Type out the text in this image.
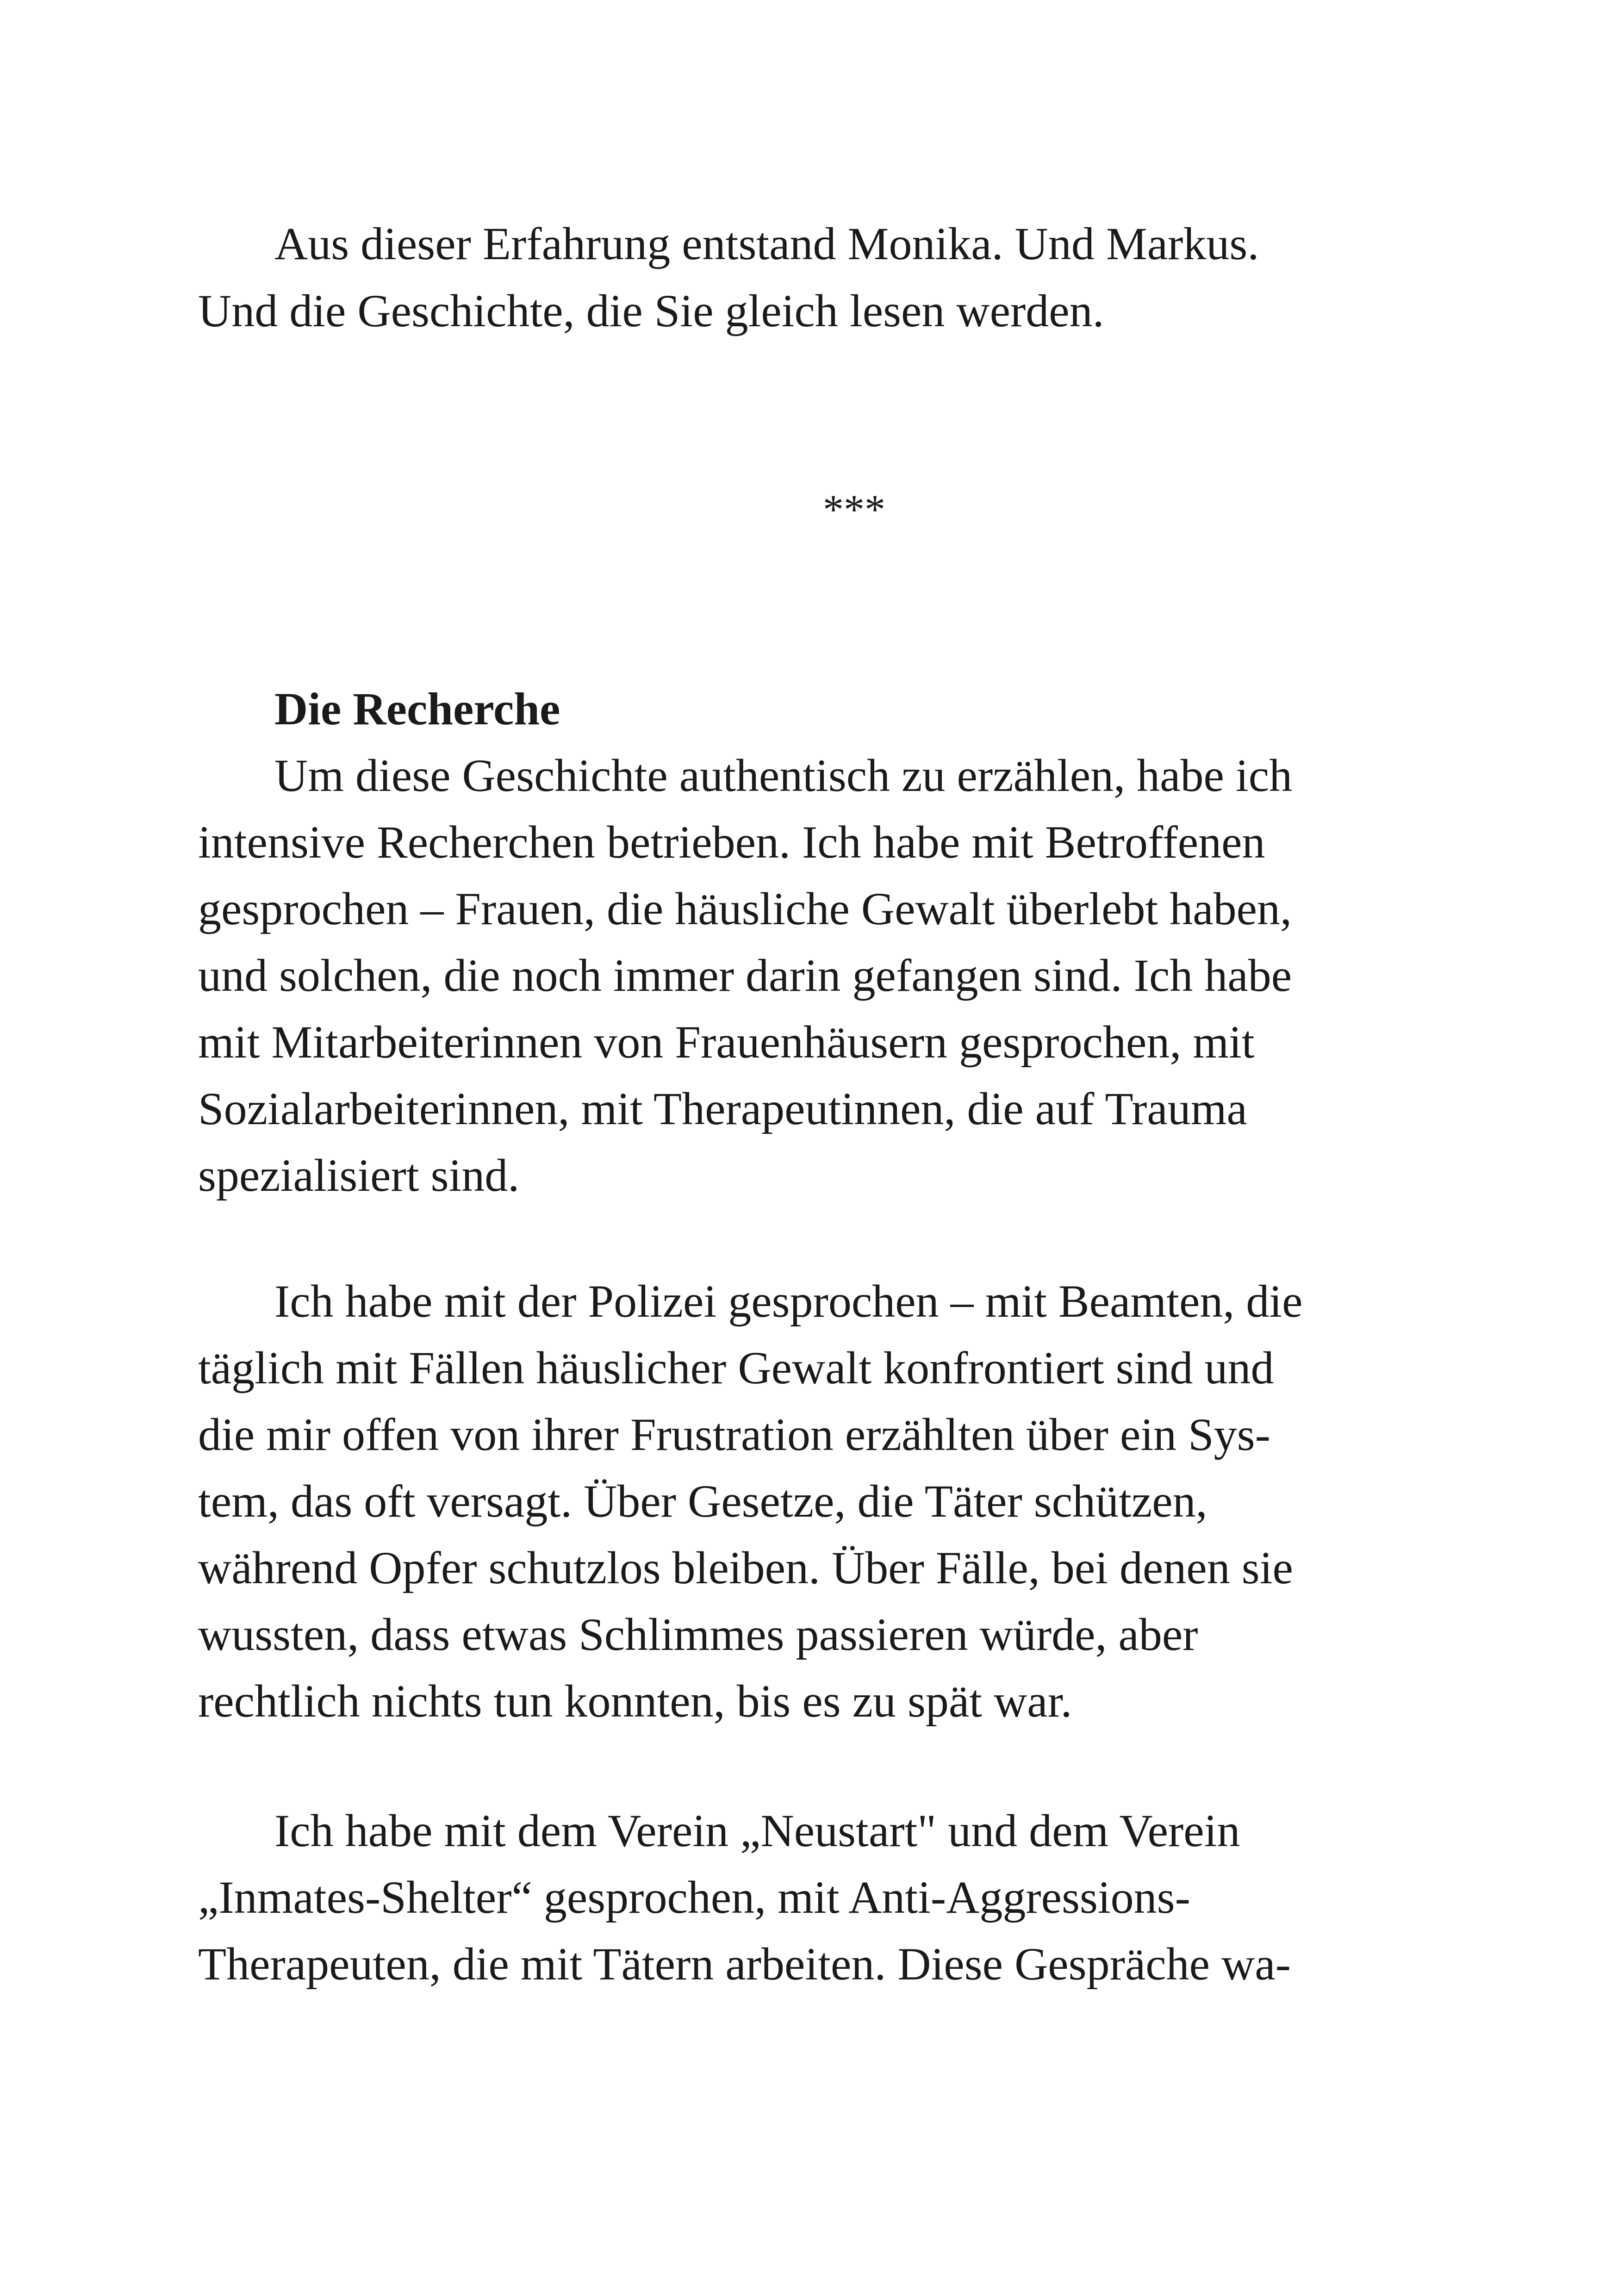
Aus dieser Erfahrung entstand Monika. Und Markus.

Und die Geschichte, die Sie gleich lesen werden.

***

Die Recherche

Um diese Geschichte authentisch zu erzählen, habe ich

intensive Recherchen betrieben. Ich habe mit Betroffenen

gesprochen – Frauen, die häusliche Gewalt überlebt haben,

und solchen, die noch immer darin gefangen sind. Ich habe

mit Mitarbeiterinnen von Frauenhäusern gesprochen, mit

Sozialarbeiterinnen, mit Therapeutinnen, die auf Trauma

spezialisiert sind.

Ich habe mit der Polizei gesprochen – mit Beamten, die

täglich mit Fällen häuslicher Gewalt konfrontiert sind und

die mir offen von ihrer Frustration erzählten über ein Sys-

tem, das oft versagt. Über Gesetze, die Täter schützen,

während Opfer schutzlos bleiben. Über Fälle, bei denen sie

wussten, dass etwas Schlimmes passieren würde, aber

rechtlich nichts tun konnten, bis es zu spät war.

Ich habe mit dem Verein „Neustart" und dem Verein

„Inmates-Shelter“ gesprochen, mit Anti-Aggressions-

Therapeuten, die mit Tätern arbeiten. Diese Gespräche wa-
